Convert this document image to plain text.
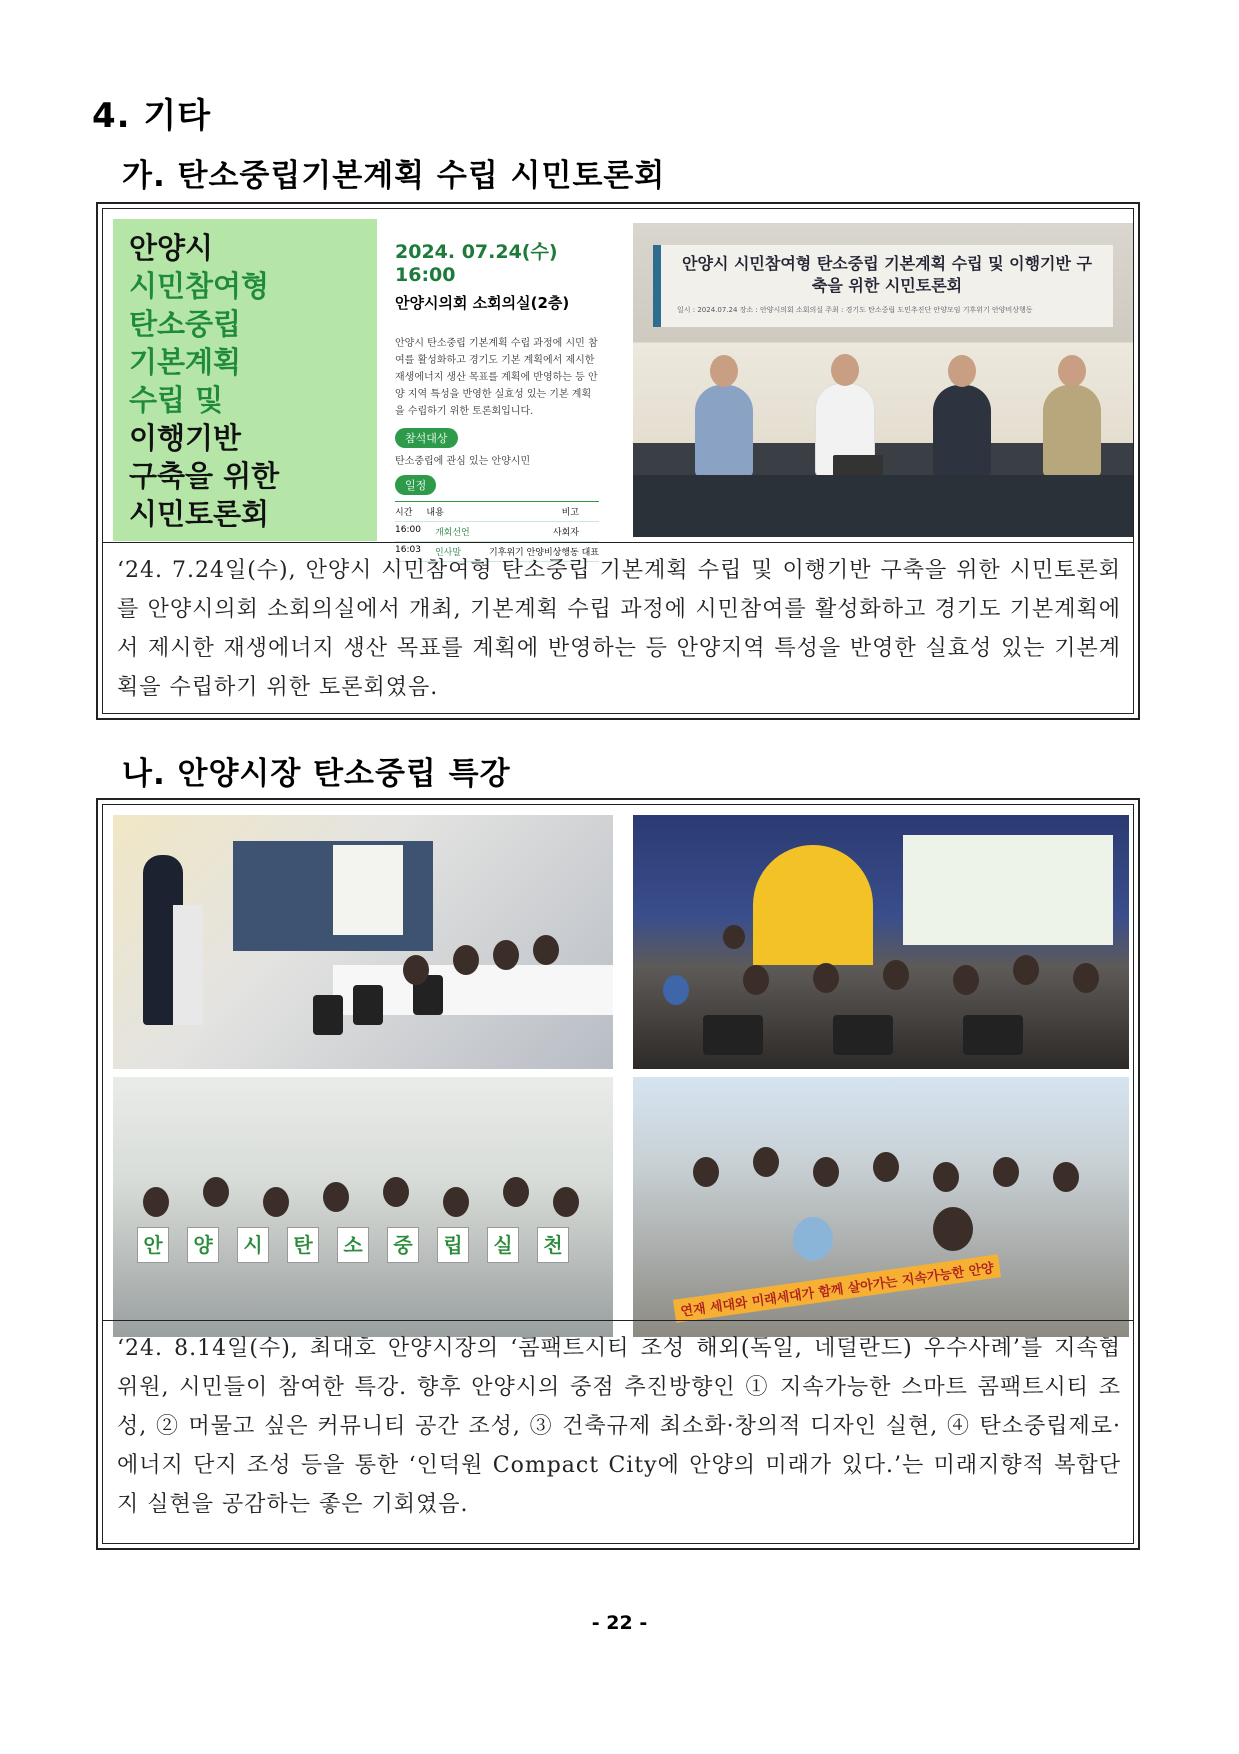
4. 기타
가. 탄소중립기본계획 수립 시민토론회
안양시
시민참여형
탄소중립
기본계획
수립 및
이행기반
구축을 위한
시민토론회
2024. 07.24(수) 16:00
안양시의회 소회의실(2층)
안양시 탄소중립 기본계획 수립 과정에 시민 참여를 활성화하고 경기도 기본 계획에서 제시한 재생에너지 생산 목표를 계획에 반영하는 등 안양 지역 특성을 반영한 실효성 있는 기본 계획을 수립하기 위한 토론회입니다.
참석대상
탄소중립에 관심 있는 안양시민
일정
시간 내용	비고
16:00 개회선언	사회자
16:03 인사말	기후위기 안양비상행동 대표
안양시 시민참여형 탄소중립 기본계획 수립 및 이행기반 구축을 위한 시민토론회
일시 : 2024.07.24 장소 : 안양시의회 소회의실 주최 : 경기도 탄소중립 도민추진단 안양모임 기후위기 안양비상행동
‘24. 7.24일(수), 안양시 시민참여형 탄소중립 기본계획 수립 및 이행기반 구축을 위한 시민토론회를 안양시의회 소회의실에서 개최, 기본계획 수립 과정에 시민참여를 활성화하고 경기도 기본계획에서 제시한 재생에너지 생산 목표를 계획에 반영하는 등 안양지역 특성을 반영한 실효성 있는 기본계획을 수립하기 위한 토론회였음.
나. 안양시장 탄소중립 특강
안	양	시	탄	소	중	립	실	천
연재 세대와 미래세대가 함께 살아가는 지속가능한 안양
‘24. 8.14일(수), 최대호 안양시장의 ‘콤팩트시티 조성 해외(독일, 네덜란드) 우수사례’를 지속협 위원, 시민들이 참여한 특강. 향후 안양시의 중점 추진방향인 ① 지속가능한 스마트 콤팩트시티 조성, ② 머물고 싶은 커뮤니티 공간 조성, ③ 건축규제 최소화·창의적 디자인 실현, ④ 탄소중립제로·에너지 단지 조성 등을 통한 ‘인덕원 Compact City에 안양의 미래가 있다.’는 미래지향적 복합단지 실현을 공감하는 좋은 기회였음.
- 22 -
